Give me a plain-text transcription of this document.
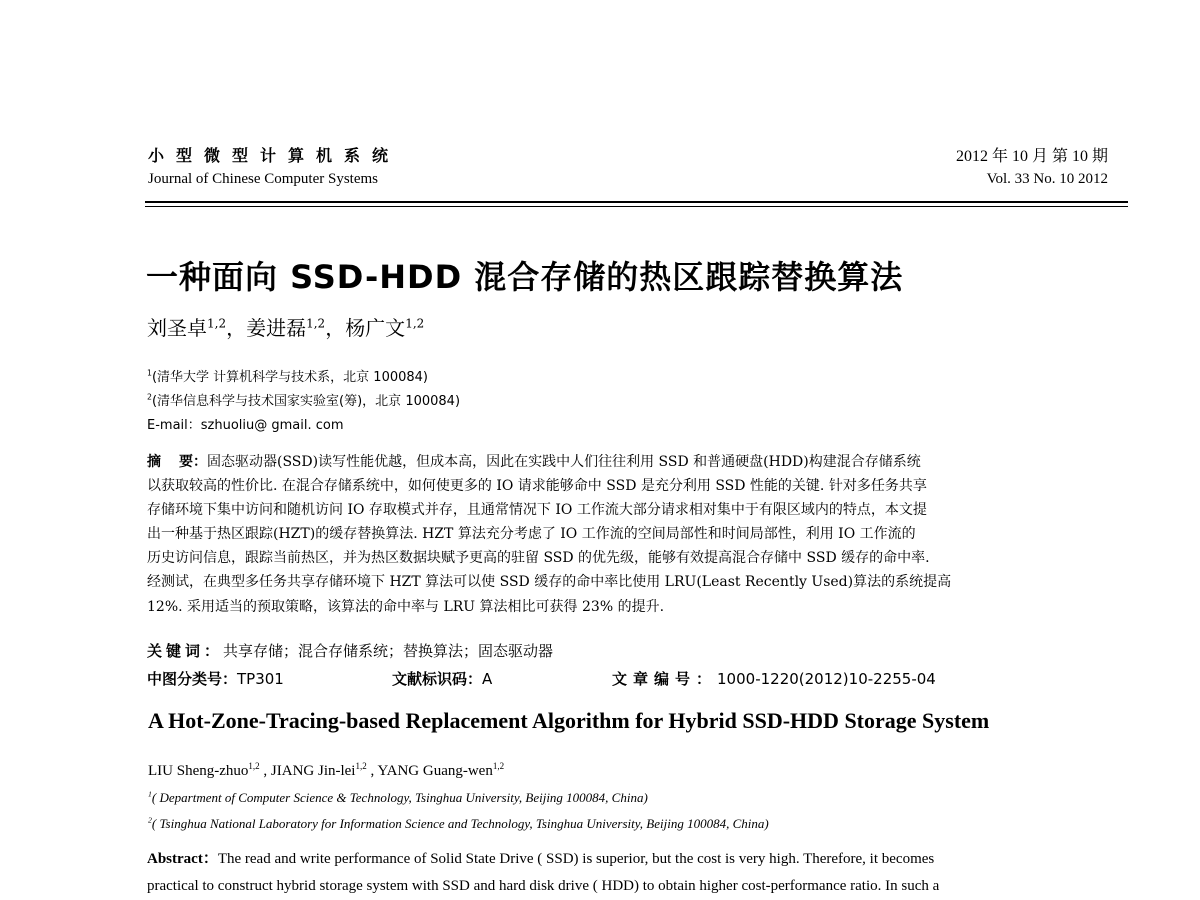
小型微型计算机系统
Journal of Chinese Computer Systems
2012 年 10 月 第 10 期
Vol. 33 No. 10 2012
一种面向 SSD-HDD 混合存储的热区跟踪替换算法
刘圣卓$^{1,2}$，姜进磊$^{1,2}$，杨广文$^{1,2}$
$^1$(清华大学 计算机科学与技术系，北京 100084)
$^2$(清华信息科学与技术国家实验室(筹)，北京 100084)
E-mail：szhuoliu@ gmail. com
摘 要：固态驱动器(SSD)读写性能优越，但成本高，因此在实践中人们往往利用 SSD 和普通硬盘(HDD)构建混合存储系统
以获取较高的性价比. 在混合存储系统中，如何使更多的 IO 请求能够命中 SSD 是充分利用 SSD 性能的关键. 针对多任务共享
存储环境下集中访问和随机访问 IO 存取模式并存，且通常情况下 IO 工作流大部分请求相对集中于有限区域内的特点，本文提
出一种基于热区跟踪(HZT)的缓存替换算法. HZT 算法充分考虑了 IO 工作流的空间局部性和时间局部性，利用 IO 工作流的
历史访问信息，跟踪当前热区，并为热区数据块赋予更高的驻留 SSD 的优先级，能够有效提高混合存储中 SSD 缓存的命中率.
经测试，在典型多任务共享存储环境下 HZT 算法可以使 SSD 缓存的命中率比使用 LRU(Least Recently Used)算法的系统提高
12%. 采用适当的预取策略，该算法的命中率与 LRU 算法相比可获得 23% 的提升.
关键词：共享存储；混合存储系统；替换算法；固态驱动器
中图分类号：TP301	文献标识码：A	文章编号：1000-1220(2012)10-2255-04
A Hot-Zone-Tracing-based Replacement Algorithm for Hybrid SSD-HDD Storage System
LIU Sheng-zhuo$^{1,2}$ , JIANG Jin-lei$^{1,2}$ , YANG Guang-wen$^{1,2}$
$^1$( Department of Computer Science & Technology, Tsinghua University, Beijing 100084, China)
$^2$( Tsinghua National Laboratory for Information Science and Technology, Tsinghua University, Beijing 100084, China)
Abstract：The read and write performance of Solid State Drive ( SSD) is superior, but the cost is very high. Therefore, it becomes
practical to construct hybrid storage system with SSD and hard disk drive ( HDD) to obtain higher cost-performance ratio. In such a
